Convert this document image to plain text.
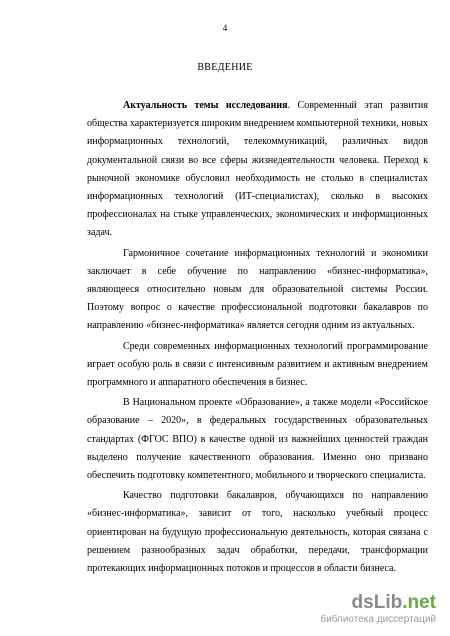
4
ВВЕДЕНИЕ

Актуальность темы исследования. Современный этап развития общества характеризуется широким внедрением компьютерной техники, новых информационных технологий, телекоммуникаций, различных видов документальной связи во все сферы жизнедеятельности человека. Переход к рыночной экономике обусловил необходимость не столько в специалистах информационных технологий (ИТ-специалистах), сколько в высоких профессионалах на стыке управленческих, экономических и информационных задач.

Гармоничное сочетание информационных технологий и экономики заключает в себе обучение по направлению «бизнес-информатика», являющееся относительно новым для образовательной системы России. Поэтому вопрос о качестве профессиональной подготовки бакалавров по направлению «бизнес-информатика» является сегодня одним из актуальных.

Среди современных информационных технологий программирование играет особую роль в связи с интенсивным развитием и активным внедрением программного и аппаратного обеспечения в бизнес.

В Национальном проекте «Образование», а также модели «Российское образование – 2020», в федеральных государственных образовательных стандартах (ФГОС ВПО) в качестве одной из важнейших ценностей граждан выделено получение качественного образования. Именно оно призвано обеспечить подготовку компетентного, мобильного и творческого специалиста.

Качество подготовки бакалавров, обучающихся по направлению «бизнес-информатика», зависит от того, насколько учебный процесс ориентирован на будущую профессиональную деятельность, которая связана с решением разнообразных задач обработки, передачи, трансформации протекающих информационных потоков и процессов в области бизнеса.

dsLib.net
библиотека диссертаций
